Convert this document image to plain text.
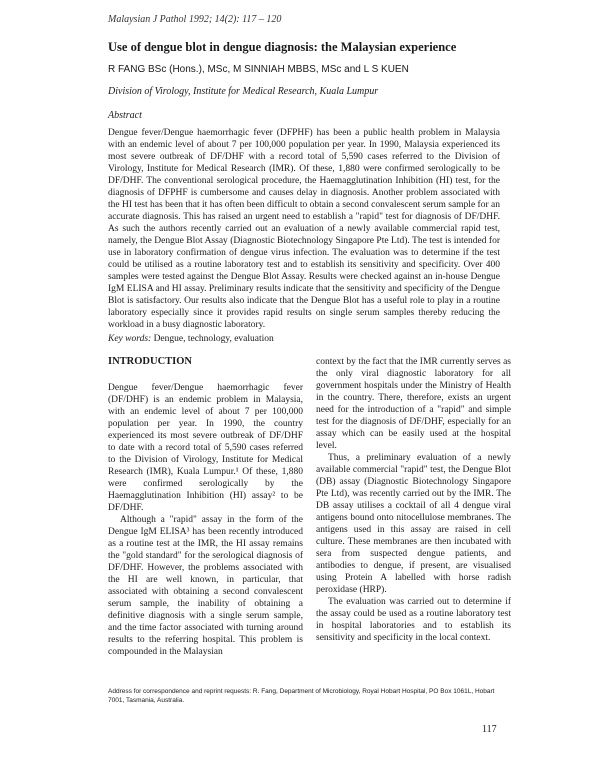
Malaysian J Pathol 1992; 14(2): 117 – 120
Use of dengue blot in dengue diagnosis: the Malaysian experience
R FANG BSc (Hons.), MSc, M SINNIAH MBBS, MSc and L S KUEN
Division of Virology, Institute for Medical Research, Kuala Lumpur
Abstract

Dengue fever/Dengue haemorrhagic fever (DFPHF) has been a public health problem in Malaysia with an endemic level of about 7 per 100,000 population per year. In 1990, Malaysia experienced its most severe outbreak of DF/DHF with a record total of 5,590 cases referred to the Division of Virology, Institute for Medical Research (IMR). Of these, 1,880 were confirmed serologically to be DF/DHF. The conventional serological procedure, the Haemagglutination Inhibition (HI) test, for the diagnosis of DFPHF is cumbersome and causes delay in diagnosis. Another problem associated with the HI test has been that it has often been difficult to obtain a second convalescent serum sample for an accurate diagnosis. This has raised an urgent need to establish a "rapid" test for diagnosis of DF/DHF. As such the authors recently carried out an evaluation of a newly available commercial rapid test, namely, the Dengue Blot Assay (Diagnostic Biotechnology Singapore Pte Ltd). The test is intended for use in laboratory confirmation of dengue virus infection. The evaluation was to determine if the test could be utilised as a routine laboratory test and to establish its sensitivity and specificity. Over 400 samples were tested against the Dengue Blot Assay. Results were checked against an in-house Dengue IgM ELISA and HI assay. Preliminary results indicate that the sensitivity and specificity of the Dengue Blot is satisfactory. Our results also indicate that the Dengue Blot has a useful role to play in a routine laboratory especially since it provides rapid results on single serum samples thereby reducing the workload in a busy diagnostic laboratory.

Key words: Dengue, technology, evaluation
INTRODUCTION

Dengue fever/Dengue haemorrhagic fever (DF/DHF) is an endemic problem in Malaysia, with an endemic level of about 7 per 100,000 population per year. In 1990, the country experienced its most severe outbreak of DF/DHF to date with a record total of 5,590 cases referred to the Division of Virology, Institute for Medical Research (IMR), Kuala Lumpur.¹ Of these, 1,880 were confirmed serologically by the Haemagglutination Inhibition (HI) assay² to be DF/DHF.

Although a "rapid" assay in the form of the Dengue IgM ELISA³ has been recently introduced as a routine test at the IMR, the HI assay remains the "gold standard" for the serological diagnosis of DF/DHF. However, the problems associated with the HI are well known, in particular, that associated with obtaining a second convalescent serum sample, the inability of obtaining a definitive diagnosis with a single serum sample, and the time factor associated with turning around results to the referring hospital. This problem is compounded in the Malaysian

context by the fact that the IMR currently serves as the only viral diagnostic laboratory for all government hospitals under the Ministry of Health in the country. There, therefore, exists an urgent need for the introduction of a "rapid" and simple test for the diagnosis of DF/DHF, especially for an assay which can be easily used at the hospital level.

Thus, a preliminary evaluation of a newly available commercial "rapid" test, the Dengue Blot (DB) assay (Diagnostic Biotechnology Singapore Pte Ltd), was recently carried out by the IMR. The DB assay utilises a cocktail of all 4 dengue viral antigens bound onto nitocellulose membranes. The antigens used in this assay are raised in cell culture. These membranes are then incubated with sera from suspected dengue patients, and antibodies to dengue, if present, are visualised using Protein A labelled with horse radish peroxidase (HRP).

The evaluation was carried out to determine if the assay could be used as a routine laboratory test in hospital laboratories and to establish its sensitivity and specificity in the local context.

Address for correspondence and reprint requests: R. Fang, Department of Microbiology, Royal Hobart Hospital, PO Box 1061L, Hobart 7001, Tasmania, Australia.
117
